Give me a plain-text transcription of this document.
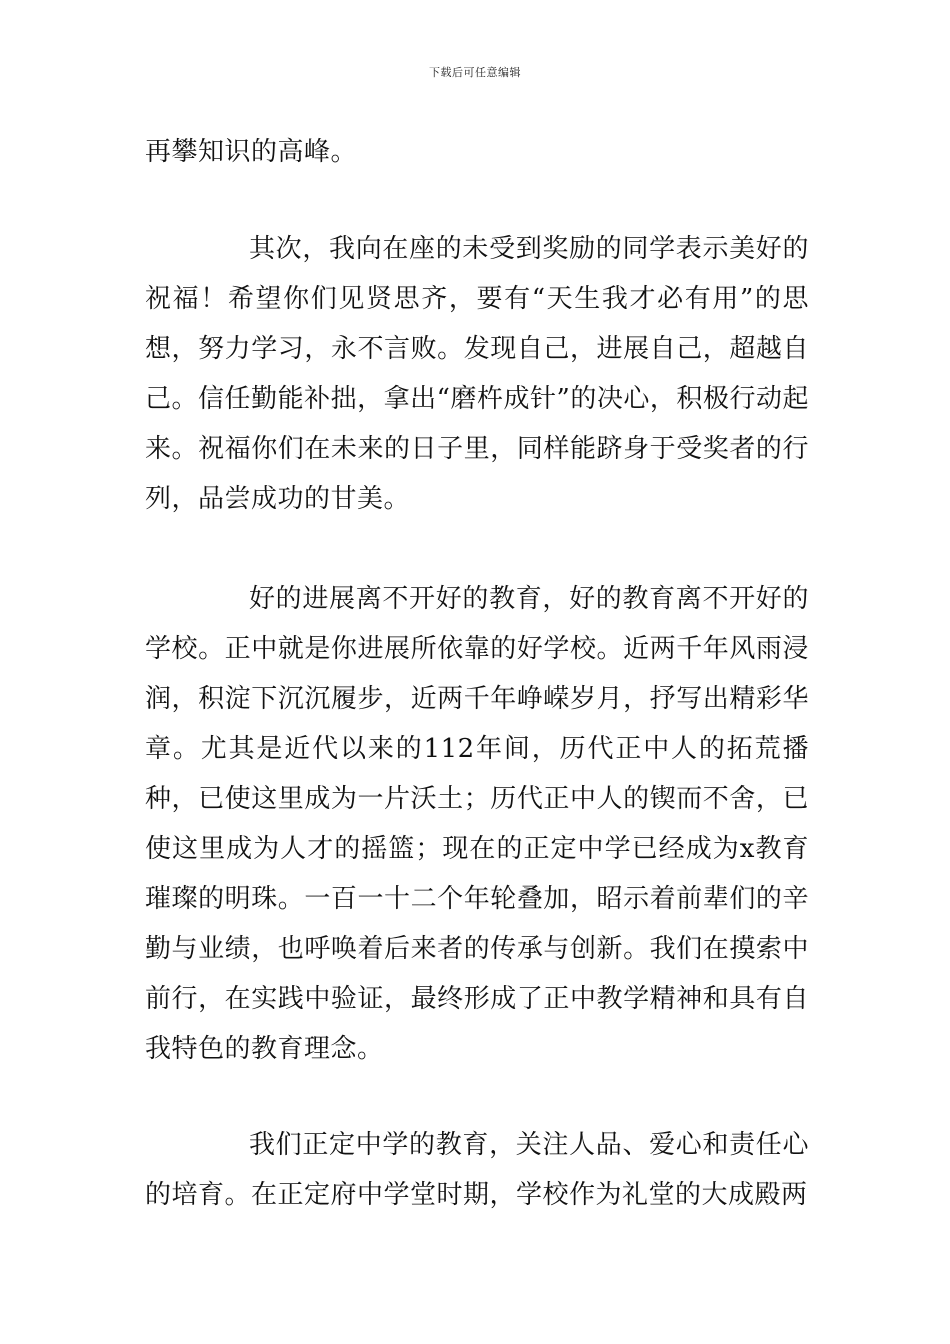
下载后可任意编辑

再攀知识的高峰。

其次，我向在座的未受到奖励的同学表示美好的祝福！希望你们见贤思齐，要有“天生我才必有用”的思想，努力学习，永不言败。发现自己，进展自己，超越自己。信任勤能补拙，拿出“磨杵成针”的决心，积极行动起来。祝福你们在未来的日子里，同样能跻身于受奖者的行列，品尝成功的甘美。

好的进展离不开好的教育，好的教育离不开好的学校。正中就是你进展所依靠的好学校。近两千年风雨浸润，积淀下沉沉履步，近两千年峥嵘岁月，抒写出精彩华章。尤其是近代以来的112年间，历代正中人的拓荒播种，已使这里成为一片沃土；历代正中人的锲而不舍，已使这里成为人才的摇篮；现在的正定中学已经成为x教育璀璨的明珠。一百一十二个年轮叠加，昭示着前辈们的辛勤与业绩，也呼唤着后来者的传承与创新。我们在摸索中前行，在实践中验证，最终形成了正中教学精神和具有自我特色的教育理念。

我们正定中学的教育，关注人品、爱心和责任心的培育。在正定府中学堂时期，学校作为礼堂的大成殿两
